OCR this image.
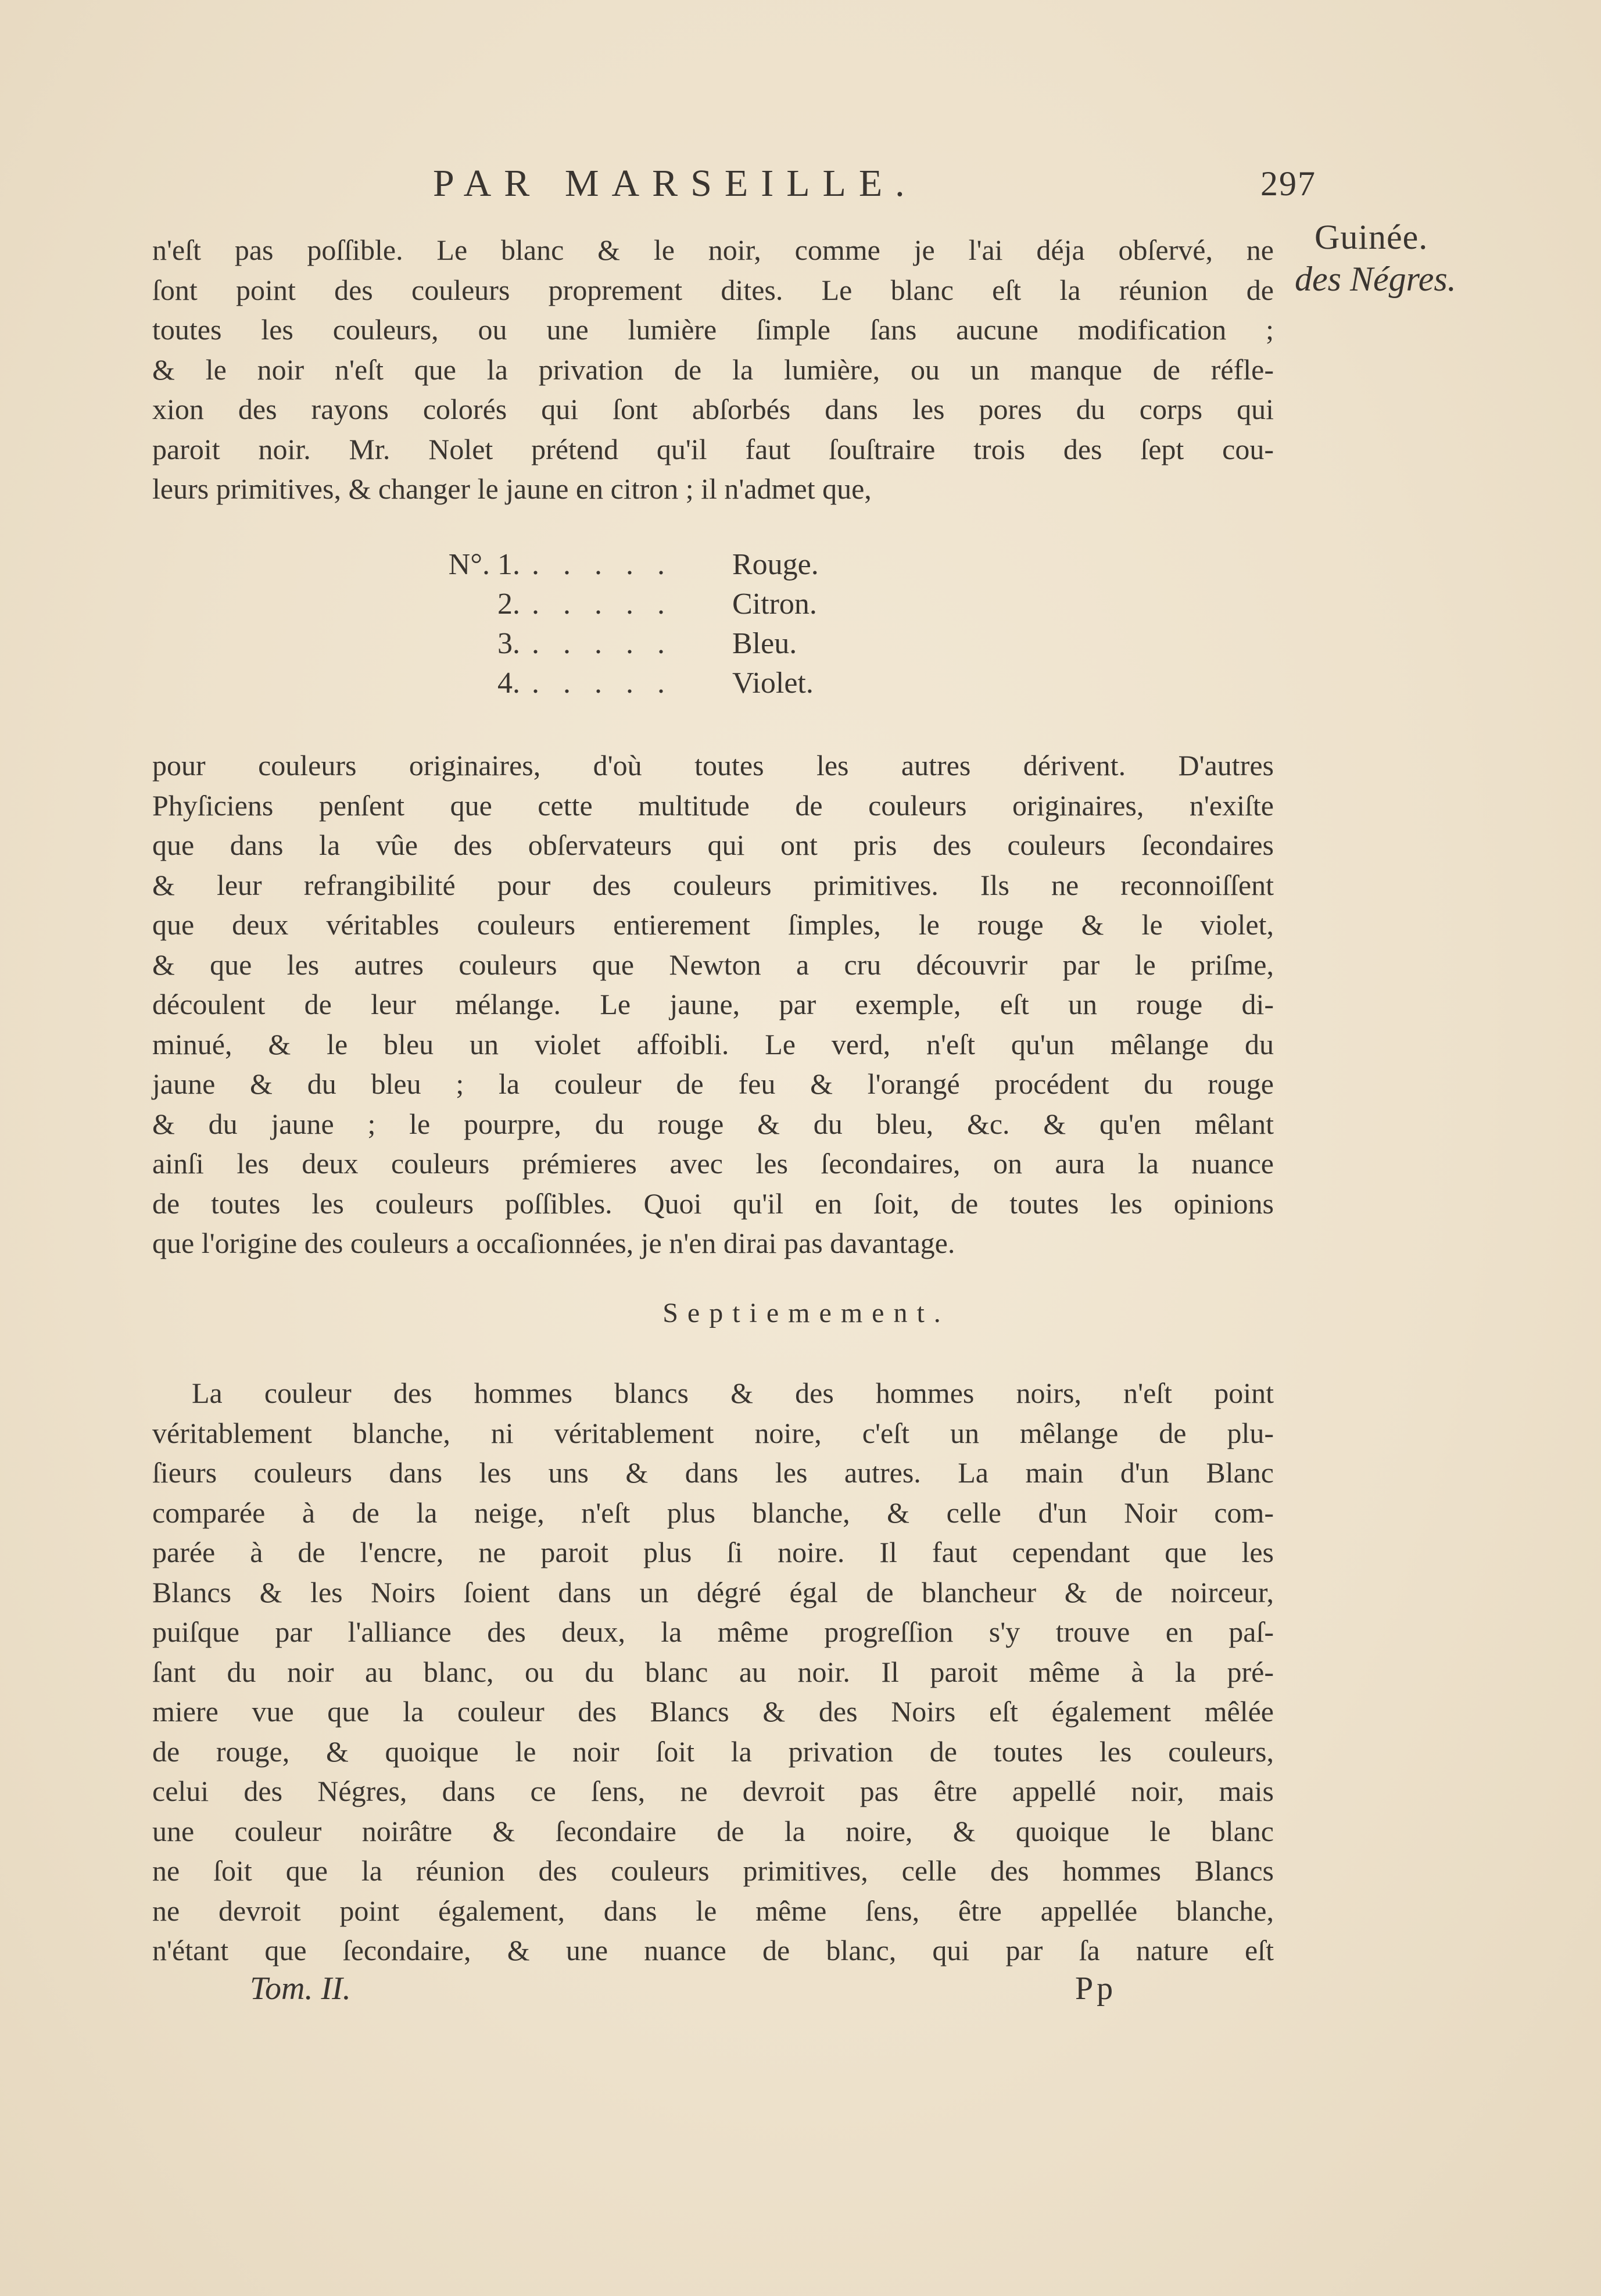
PAR MARSEILLE.	297
Guinée.
des Négres.
n'eſt pas poſſible. Le blanc & le noir, comme je l'ai déja obſervé, ne
ſont point des couleurs proprement dites. Le blanc eſt la réunion de
toutes les couleurs, ou une lumière ſimple ſans aucune modification ;
& le noir n'eſt que la privation de la lumière, ou un manque de réfle-
xion des rayons colorés qui ſont abſorbés dans les pores du corps qui
paroit noir. Mr. Nolet prétend qu'il faut ſouſtraire trois des ſept cou-
leurs primitives, & changer le jaune en citron ; il n'admet que,
N°. 1. . . . . .	Rouge.
2. . . . . .	Citron.
3. . . . . .	Bleu.
4. . . . . .	Violet.
pour couleurs originaires, d'où toutes les autres dérivent. D'autres
Phyſiciens penſent que cette multitude de couleurs originaires, n'exiſte
que dans la vûe des obſervateurs qui ont pris des couleurs ſecondaires
& leur refrangibilité pour des couleurs primitives. Ils ne reconnoiſſent
que deux véritables couleurs entierement ſimples, le rouge & le violet,
& que les autres couleurs que Newton a cru découvrir par le priſme,
découlent de leur mélange. Le jaune, par exemple, eſt un rouge di-
minué, & le bleu un violet affoibli. Le verd, n'eſt qu'un mêlange du
jaune & du bleu ; la couleur de feu & l'orangé procédent du rouge
& du jaune ; le pourpre, du rouge & du bleu, &c. & qu'en mêlant
ainſi les deux couleurs prémieres avec les ſecondaires, on aura la nuance
de toutes les couleurs poſſibles. Quoi qu'il en ſoit, de toutes les opinions
que l'origine des couleurs a occaſionnées, je n'en dirai pas davantage.
Septiemement.
La couleur des hommes blancs & des hommes noirs, n'eſt point
véritablement blanche, ni véritablement noire, c'eſt un mêlange de plu-
ſieurs couleurs dans les uns & dans les autres. La main d'un Blanc
comparée à de la neige, n'eſt plus blanche, & celle d'un Noir com-
parée à de l'encre, ne paroit plus ſi noire. Il faut cependant que les
Blancs & les Noirs ſoient dans un dégré égal de blancheur & de noirceur,
puiſque par l'alliance des deux, la même progreſſion s'y trouve en paſ-
ſant du noir au blanc, ou du blanc au noir. Il paroit même à la pré-
miere vue que la couleur des Blancs & des Noirs eſt également mêlée
de rouge, & quoique le noir ſoit la privation de toutes les couleurs,
celui des Négres, dans ce ſens, ne devroit pas être appellé noir, mais
une couleur noirâtre & ſecondaire de la noire, & quoique le blanc
ne ſoit que la réunion des couleurs primitives, celle des hommes Blancs
ne devroit point également, dans le même ſens, être appellée blanche,
n'étant que ſecondaire, & une nuance de blanc, qui par ſa nature eſt
Tom. II.	Pp
